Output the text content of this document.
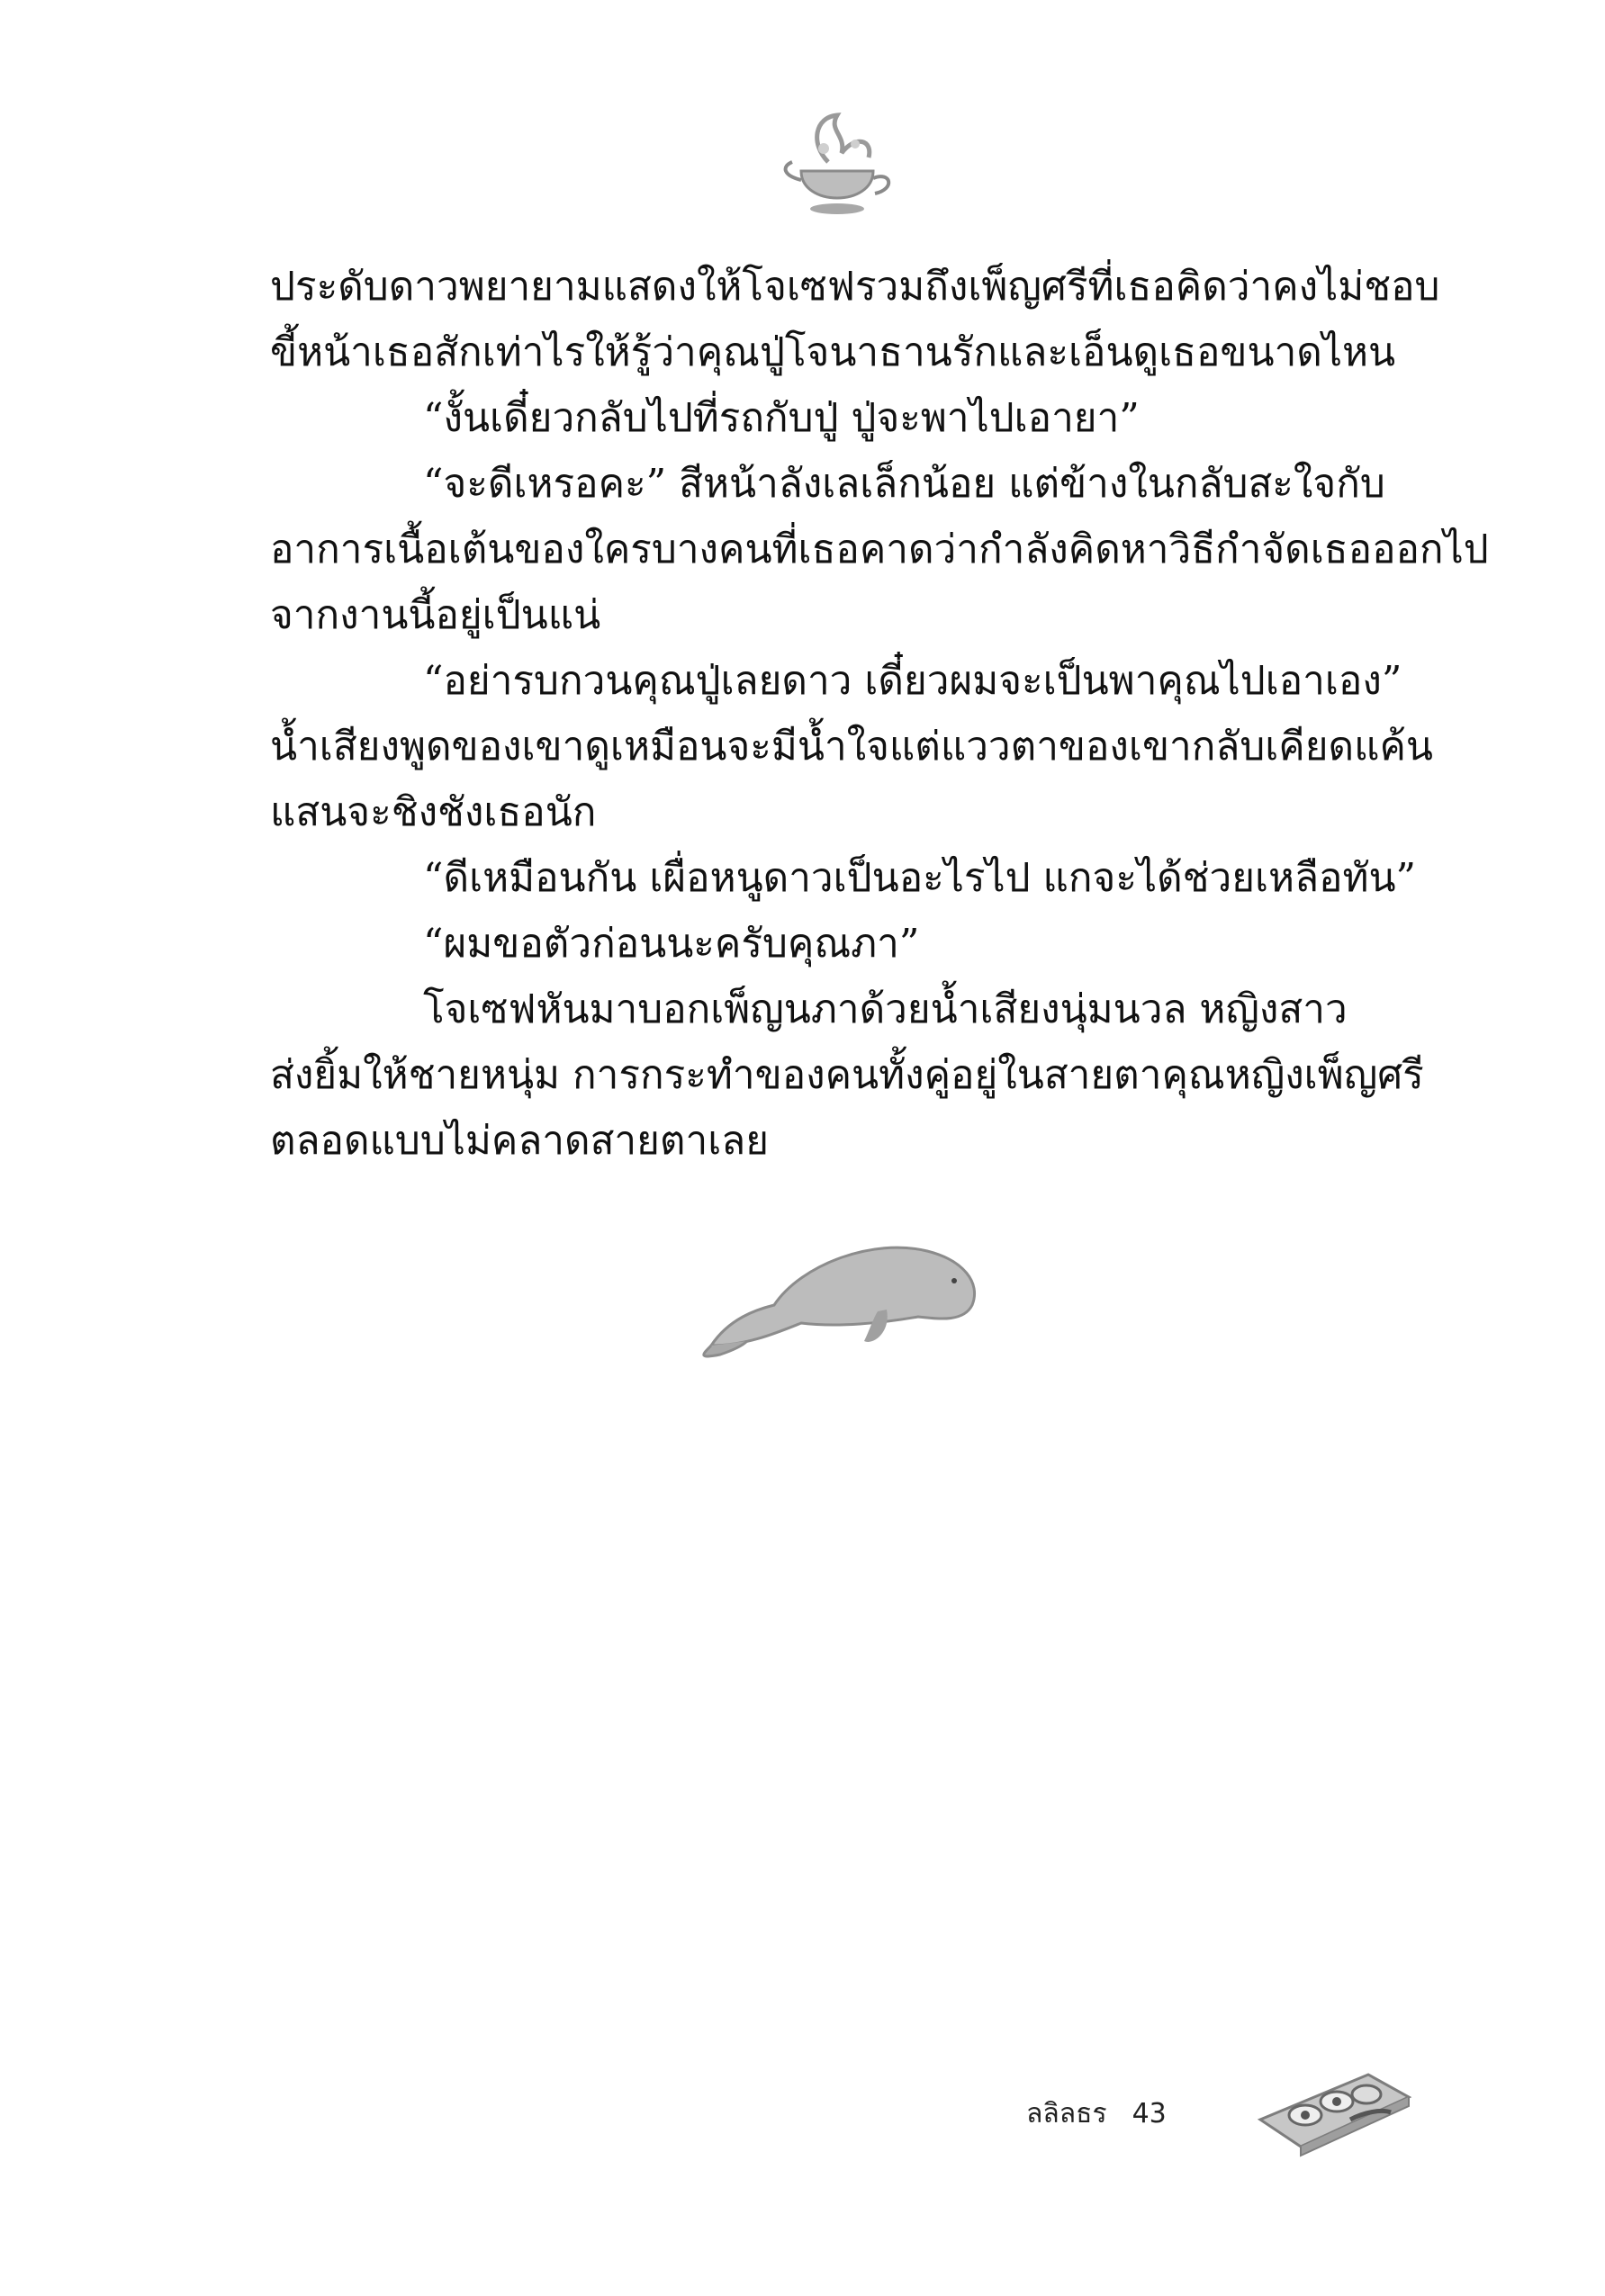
ประดับดาวพยายามแสดงให้โจเซฟรวมถึงเพ็ญศรีที่เธอคิดว่าคงไม่ชอบ

ขี้หน้าเธอสักเท่าไรให้รู้ว่าคุณปู่โจนาธานรักและเอ็นดูเธอขนาดไหน

“งั้นเดี๋ยวกลับไปที่รถกับปู่ ปู่จะพาไปเอายา”

“จะดีเหรอคะ” สีหน้าลังเลเล็กน้อย แต่ข้างในกลับสะใจกับ

อาการเนื้อเต้นของใครบางคนที่เธอคาดว่ากำลังคิดหาวิธีกำจัดเธอออกไป

จากงานนี้อยู่เป็นแน่

“อย่ารบกวนคุณปู่เลยดาว เดี๋ยวผมจะเป็นพาคุณไปเอาเอง”

น้ำเสียงพูดของเขาดูเหมือนจะมีน้ำใจแต่แววตาของเขากลับเคียดแค้น

แสนจะชิงชังเธอนัก

“ดีเหมือนกัน เผื่อหนูดาวเป็นอะไรไป แกจะได้ช่วยเหลือทัน”

“ผมขอตัวก่อนนะครับคุณภา”

โจเซฟหันมาบอกเพ็ญนภาด้วยน้ำเสียงนุ่มนวล หญิงสาว

ส่งยิ้มให้ชายหนุ่ม การกระทำของคนทั้งคู่อยู่ในสายตาคุณหญิงเพ็ญศรี

ตลอดแบบไม่คลาดสายตาเลย

ลลิลธร 43
